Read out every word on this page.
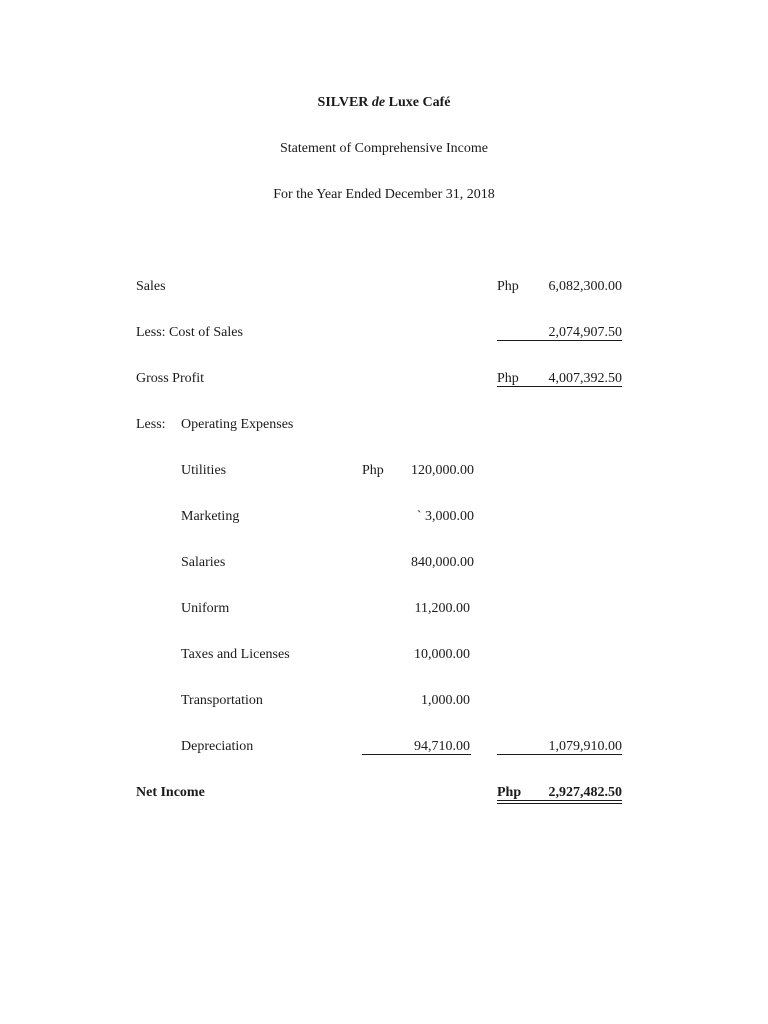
SILVER de Luxe Café
Statement of Comprehensive Income
For the Year Ended December 31, 2018
Sales	Php	6,082,300.00
Less: Cost of Sales	2,074,907.50
Gross Profit	Php	4,007,392.50
Less: Operating Expenses
Utilities	Php	120,000.00
Marketing	` 3,000.00
Salaries	840,000.00
Uniform	11,200.00
Taxes and Licenses	10,000.00
Transportation	1,000.00
Depreciation	94,710.00	1,079,910.00
Net Income	Php	2,927,482.50
